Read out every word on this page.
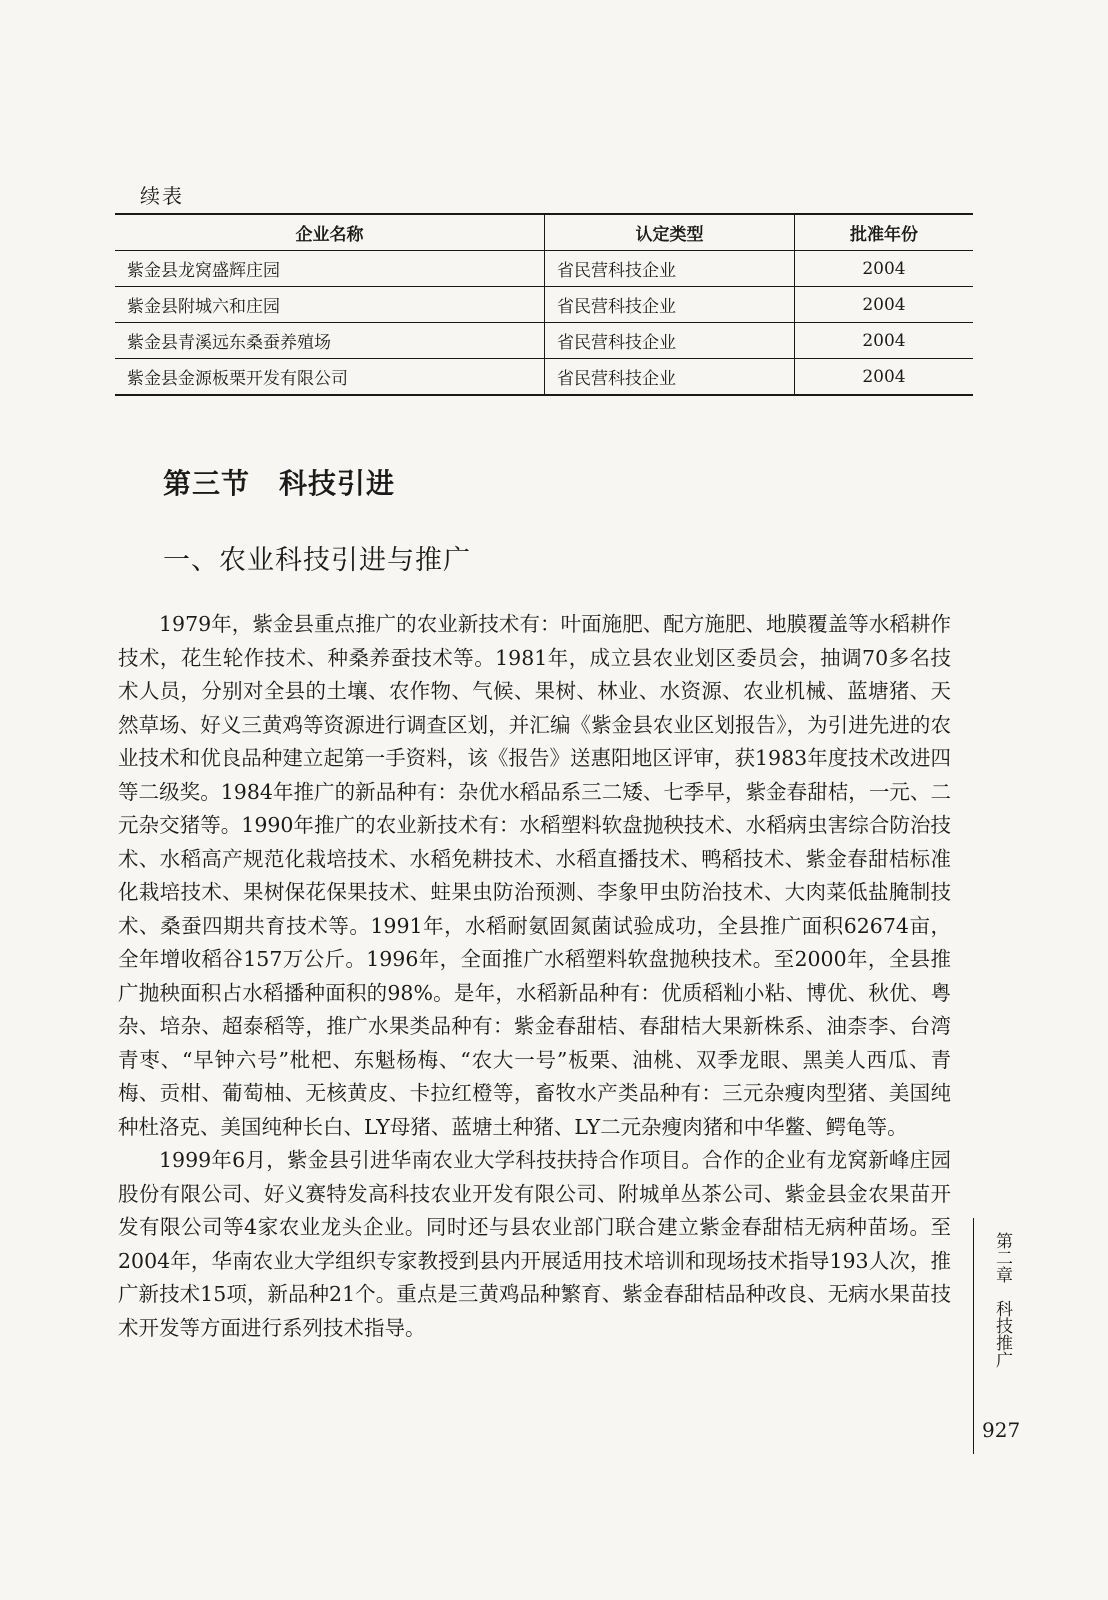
续表
企业名称	认定类型	批准年份
紫金县龙窝盛辉庄园	省民营科技企业	2004
紫金县附城六和庄园	省民营科技企业	2004
紫金县青溪远东桑蚕养殖场	省民营科技企业	2004
紫金县金源板栗开发有限公司	省民营科技企业	2004
第三节　科技引进
一、农业科技引进与推广

1979年，紫金县重点推广的农业新技术有：叶面施肥、配方施肥、地膜覆盖等水稻耕作技术，花生轮作技术、种桑养蚕技术等。1981年，成立县农业划区委员会，抽调70多名技术人员，分别对全县的土壤、农作物、气候、果树、林业、水资源、农业机械、蓝塘猪、天然草场、好义三黄鸡等资源进行调查区划，并汇编《紫金县农业区划报告》，为引进先进的农业技术和优良品种建立起第一手资料，该《报告》送惠阳地区评审，获1983年度技术改进四等二级奖。1984年推广的新品种有：杂优水稻品系三二矮、七季早，紫金春甜桔，一元、二元杂交猪等。1990年推广的农业新技术有：水稻塑料软盘抛秧技术、水稻病虫害综合防治技术、水稻高产规范化栽培技术、水稻免耕技术、水稻直播技术、鸭稻技术、紫金春甜桔标准化栽培技术、果树保花保果技术、蛀果虫防治预测、李象甲虫防治技术、大肉菜低盐腌制技术、桑蚕四期共育技术等。1991年，水稻耐氨固氮菌试验成功，全县推广面积62674亩，全年增收稻谷157万公斤。1996年，全面推广水稻塑料软盘抛秧技术。至2000年，全县推广抛秧面积占水稻播种面积的98%。是年，水稻新品种有：优质稻籼小粘、博优、秋优、粤杂、培杂、超泰稻等，推广水果类品种有：紫金春甜桔、春甜桔大果新株系、油柰李、台湾青枣、“早钟六号”枇杷、东魁杨梅、“农大一号”板栗、油桃、双季龙眼、黑美人西瓜、青梅、贡柑、葡萄柚、无核黄皮、卡拉红橙等，畜牧水产类品种有：三元杂瘦肉型猪、美国纯种杜洛克、美国纯种长白、LY母猪、蓝塘土种猪、LY二元杂瘦肉猪和中华鳖、鳄龟等。

1999年6月，紫金县引进华南农业大学科技扶持合作项目。合作的企业有龙窝新峰庄园股份有限公司、好义赛特发高科技农业开发有限公司、附城单丛茶公司、紫金县金农果苗开发有限公司等4家农业龙头企业。同时还与县农业部门联合建立紫金春甜桔无病种苗场。至2004年，华南农业大学组织专家教授到县内开展适用技术培训和现场技术指导193人次，推广新技术15项，新品种21个。重点是三黄鸡品种繁育、紫金春甜桔品种改良、无病水果苗技术开发等方面进行系列技术指导。	第二章　科技推广
927
